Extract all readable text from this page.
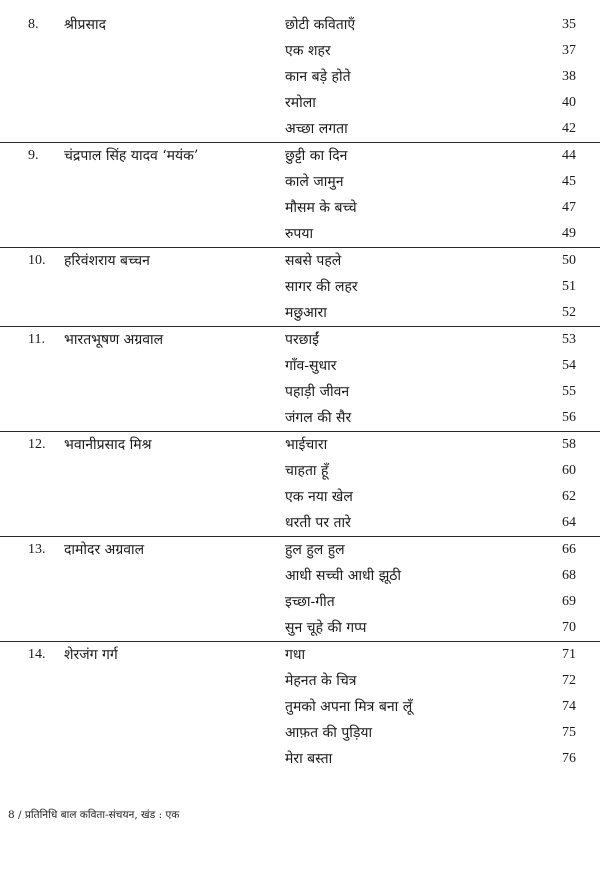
8.	श्रीप्रसाद	छोटी कविताएँ	35
एक शहर	37
कान बड़े होते	38
रमोला	40
अच्छा लगता	42
9.	चंद्रपाल सिंह यादव ‘मयंक’	छुट्टी का दिन	44
काले जामुन	45
मौसम के बच्चे	47
रुपया	49
10.	हरिवंशराय बच्चन	सबसे पहले	50
सागर की लहर	51
मछुआरा	52
11.	भारतभूषण अग्रवाल	परछाईं	53
गाँव-सुधार	54
पहाड़ी जीवन	55
जंगल की सैर	56
12.	भवानीप्रसाद मिश्र	भाईचारा	58
चाहता हूँ	60
एक नया खेल	62
धरती पर तारे	64
13.	दामोदर अग्रवाल	हुल हुल हुल	66
आधी सच्ची आधी झूठी	68
इच्छा-गीत	69
सुन चूहे की गप्प	70
14.	शेरजंग गर्ग	गधा	71
मेहनत के चित्र	72
तुमको अपना मित्र बना लूँ	74
आफ़त की पुड़िया	75
मेरा बस्ता	76
8 / प्रतिनिधि बाल कविता-संचयन, खंड : एक
